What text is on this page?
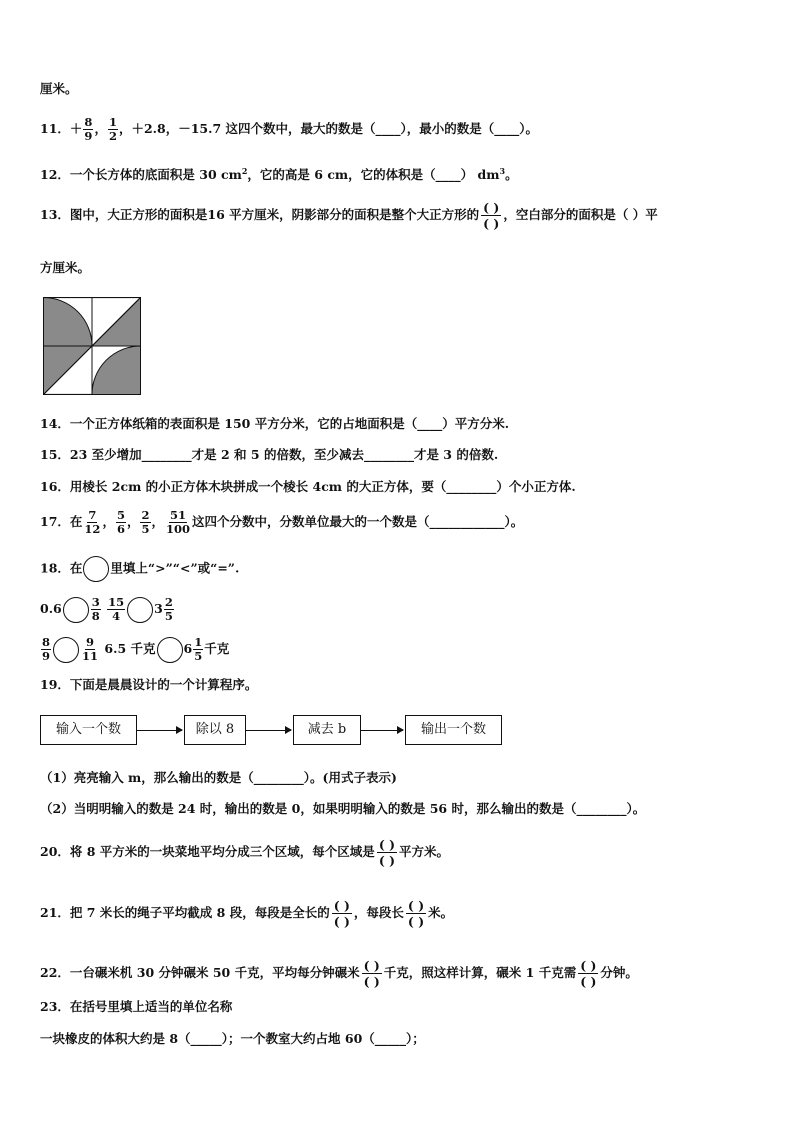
厘米。
11．＋ $\frac{8}{9}$ ， $\frac{1}{2}$ ，＋2.8，－15.7 这四个数中，最大的数是（____），最小的数是（____）。
12．一个长方体的底面积是 30 $cm^2$，它的高是 6 cm，它的体积是（____） $dm^3$。
13．图中，大正方形的面积是16 平方厘米，阴影部分的面积是整个大正方形的 $\frac{( )}{( )}$ ，空白部分的面积是（ ）平
方厘米。
14．一个正方体纸箱的表面积是 150 平方分米，它的占地面积是（____）平方分米.
15．23 至少增加________才是 2 和 5 的倍数，至少减去________才是 3 的倍数.
16．用棱长 2cm 的小正方体木块拼成一个棱长 4cm 的大正方体，要（________）个小正方体.
17．在 $\frac{7}{12}$ ， $\frac{5}{6}$ ， $\frac{2}{5}$ ， $\frac{51}{100}$ 这四个分数中，分数单位最大的一个数是（____________）。
18．在 里填上“>”“<”或“=”.
0.6	$\frac{3}{8}$
$\frac{15}{4} 3 \frac{2}{5}$
$\frac{8}{9}$	$\frac{9}{11} 6.5$ 千克 $6 \frac{1}{5}$ 千克
19．下面是晨晨设计的一个计算程序。
输入一个数	除以 8	减去 b	输出一个数
（1）亮亮输入 m，那么输出的数是（________）。(用式子表示)
（2）当明明输入的数是 24 时，输出的数是 0，如果明明输入的数是 56 时，那么输出的数是（________）。
20．将 8 平方米的一块菜地平均分成三个区域，每个区域是 $\frac{( )}{( )}$ 平方米。
21．把 7 米长的绳子平均截成 8 段，每段是全长的 $\frac{( )}{( )}$ ，每段长 $\frac{( )}{( )}$ 米。
22．一台碾米机 30 分钟碾米 50 千克，平均每分钟碾米 $\frac{( )}{( )}$ 千克，照这样计算，碾米 1 千克需 $\frac{( )}{( )}$ 分钟。
23．在括号里填上适当的单位名称
一块橡皮的体积大约是 8（_____）；一个教室大约占地 60（_____）；
